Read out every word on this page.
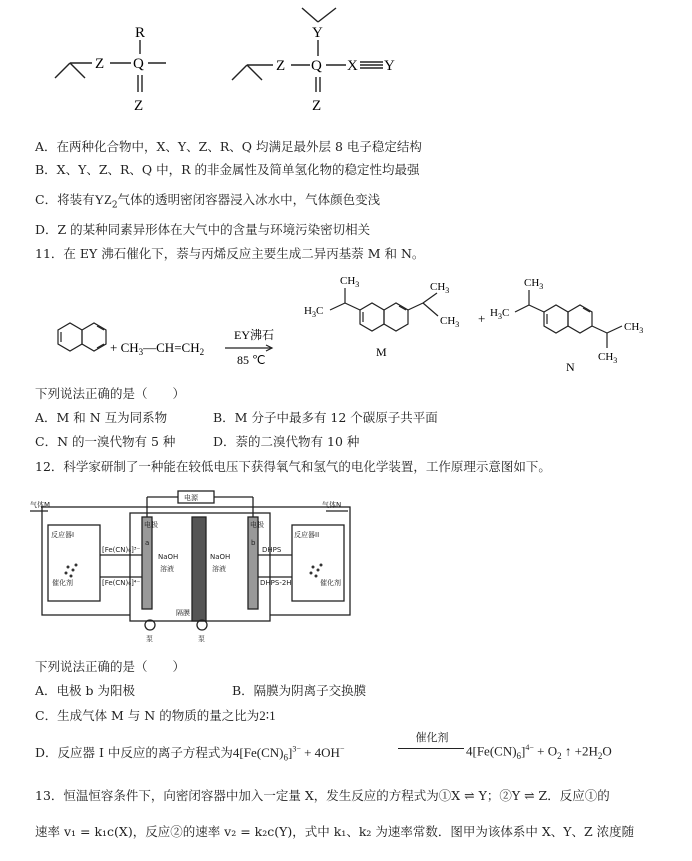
R
Z Q
Z
Y
Z Q X Y
Z
A．在两种化合物中，X、Y、Z、R、Q 均满足最外层 8 电子稳定结构
B．X、Y、Z、R、Q 中，R 的非金属性及简单氢化物的稳定性均最强
C．将装有$YZ_2$气体的透明密闭容器浸入冰水中，气体颜色变浅
D．Z 的某种同素异形体在大气中的含量与环境污染密切相关
11．在 EY 沸石催化下，萘与丙烯反应主要生成二异丙基萘 M 和 N。
+ $CH_3—CH=CH_2$
EY沸石
85 ℃
$H_3C$
$CH_3$	$CH_3$
$CH_3$
M
+ $H_3C$
$CH_3$
$CH_3$
$CH_3$
N
下列说法正确的是（　　）
A．M 和 N 互为同系物	B．M 分子中最多有 12 个碳原子共平面
C．N 的一溴代物有 5 种	D．萘的二溴代物有 10 种
12．科学家研制了一种能在较低电压下获得氧气和氢气的电化学装置，工作原理示意图如下。
电源
气体M	气体N
反应器I	反应器II
[Fe(CN)₆]³⁻
[Fe(CN)₆]⁴⁻
催化剂	催化剂
电极
a
电极
b
NaOH
溶液
NaOH
溶液
DHPS
DHPS-2H
隔膜
泵	泵
下列说法正确的是（　　）
A．电极 b 为阳极	B．隔膜为阴离子交换膜
C．生成气体 M 与 N 的物质的量之比为2∶1
D．反应器 I 中反应的离子方程式为$4[Fe(CN)_6]^{3-} + 4OH^-$
催化剂
$4[Fe(CN)_6]^{4-} + O_2$ ↑ $+2H_2O$
13．恒温恒容条件下，向密闭容器中加入一定量 X，发生反应的方程式为①X ⇌ Y；②Y ⇌ Z．反应①的
速率 v₁ = k₁c(X)，反应②的速率 v₂ = k₂c(Y)，式中 k₁、k₂ 为速率常数．图甲为该体系中 X、Y、Z 浓度随
